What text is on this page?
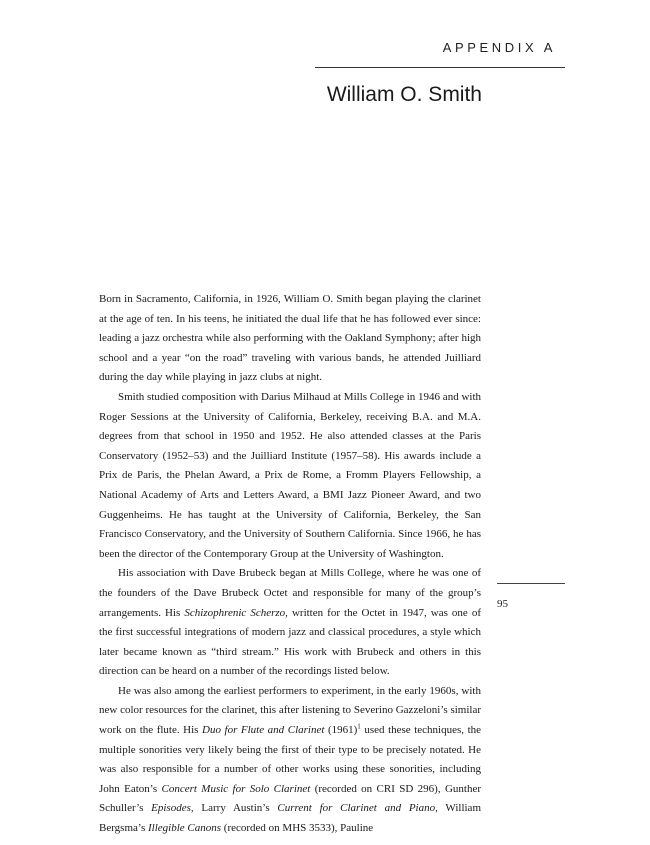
APPENDIX A
William O. Smith

Born in Sacramento, California, in 1926, William O. Smith began playing the clarinet at the age of ten. In his teens, he initiated the dual life that he has followed ever since: leading a jazz orchestra while also performing with the Oakland Symphony; after high school and a year “on the road” traveling with various bands, he attended Juilliard during the day while playing in jazz clubs at night.

Smith studied composition with Darius Milhaud at Mills College in 1946 and with Roger Sessions at the University of California, Berkeley, receiving B.A. and M.A. degrees from that school in 1950 and 1952. He also attended classes at the Paris Conservatory (1952–53) and the Juilliard Institute (1957–58). His awards include a Prix de Paris, the Phelan Award, a Prix de Rome, a Fromm Players Fellowship, a National Academy of Arts and Letters Award, a BMI Jazz Pioneer Award, and two Guggenheims. He has taught at the University of California, Berkeley, the San Francisco Conservatory, and the University of Southern California. Since 1966, he has been the director of the Contemporary Group at the University of Washington.

His association with Dave Brubeck began at Mills College, where he was one of the founders of the Dave Brubeck Octet and responsible for many of the group’s arrangements. His Schizophrenic Scherzo, written for the Octet in 1947, was one of the first successful integrations of modern jazz and classical procedures, a style which later became known as “third stream.” His work with Brubeck and others in this direction can be heard on a number of the recordings listed below.

He was also among the earliest performers to experiment, in the early 1960s, with new color resources for the clarinet, this after listening to Severino Gazzeloni’s similar work on the flute. His Duo for Flute and Clarinet $(1961)^1$ used these techniques, the multiple sonorities very likely being the first of their type to be precisely notated. He was also responsible for a number of other works using these sonorities, including John Eaton’s Concert Music for Solo Clarinet (recorded on CRI SD 296), Gunther Schuller’s Episodes, Larry Austin’s Current for Clarinet and Piano, William Bergsma’s Illegible Canons (recorded on MHS 3533), Pauline

95
